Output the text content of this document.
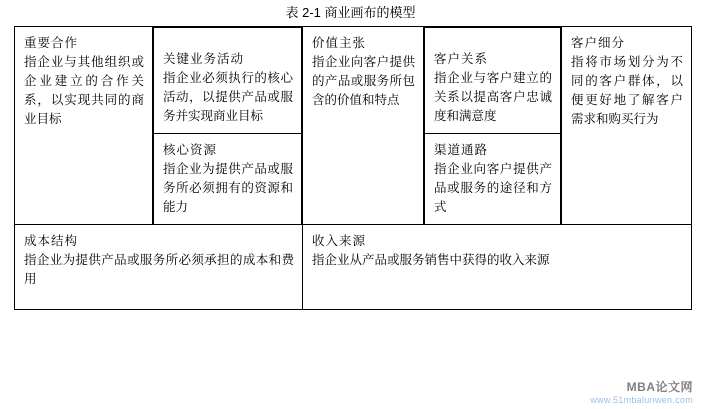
表 2-1 商业画布的模型
重要合作
指企业与其他组织或企业建立的合作关系，以实现共同的商业目标

关键业务活动
指企业必须执行的核心活动，以提供产品或服务并实现商业目标

核心资源
指企业为提供产品或服务所必须拥有的资源和能力

价值主张
指企业向客户提供的产品或服务所包含的价值和特点

客户关系
指企业与客户建立的关系以提高客户忠诚度和满意度

渠道通路
指企业向客户提供产品或服务的途径和方式

客户细分
指将市场划分为不同的客户群体，以便更好地了解客户需求和购买行为

成本结构
指企业为提供产品或服务所必须承担的成本和费用

收入来源
指企业从产品或服务销售中获得的收入来源
MBA论文网
www.51mbalunwen.com
